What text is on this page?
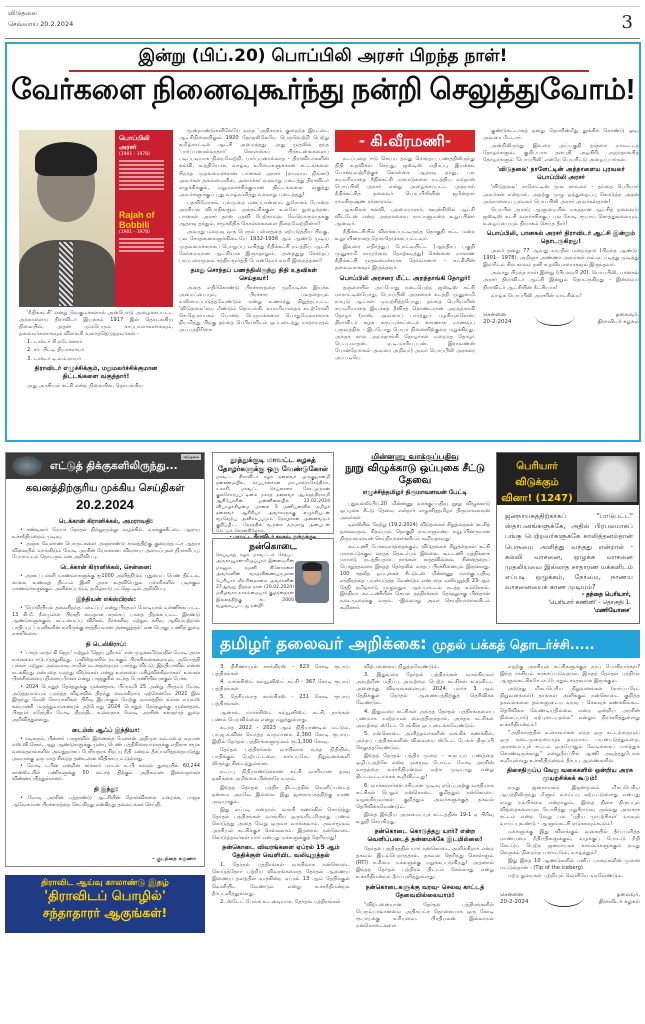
விடுதலை
செவ்வாய் 20.2.2024	3
இன்று (பிப்.20) பொப்பிலி அரசர் பிறந்த நாள்!
வேர்களை நினைவுகூர்ந்து நன்றி செலுத்துவோம்!
பொப்பிலி அரசர்
(1901 - 1978)
Rajah of Bobbili
(1901 - 1978)

'நீதிக்கட்சி' என்று வெகுமக்களால் அன்போடு அழைக்கப்பட்ட அந்நாளைய திராவிடர் இயக்கம் 1917 இல் தொடங்கிய நிலையில், அதன் மும்பெரும் காப்பாளர்களாகவும், தலைவர்களாகவும் விளங்கி வளர்த்தெடுத்தவர்கள் -

1. டாக்டர் சி.நடேசனார்

2. சர். பிட்டி தியாகராயர்

3. டாக்டர் டி.எம்.நாயர்

திராவிடர் எழுச்சிக்கும், மறுமலர்ச்சிக்குமான திட்டங்களை வகுத்தார்!

அது அரசியல் கட்சி என்ற நிலையில், தொடங்கிய

மூன்றாண்டுகளிலேயே வந்த 'அதிகாரம் குறைந்த இரட்டை ஆட்சிநிலையிலும் 1920 தேர்தலிலேயே பெருவெற்றி பெற்று தமிழ்நாட்டில் ஆட்சி அமைத்தது. அது முதலில் தந்த 'பார்ப்பனரல்லாதார்' கொள்கைப் பிரகடனங்களைப் படிப்படியாக நிறைவேற்றி, பார்ப்பனரல்லாத - திராவிடர்களின் கல்வி, உத்தியோக, வாழ்வு உரிமைகளுக்கான சட்டங்களை சிறந்த முதலமைச்சரான பானகல் அரசர் (ராமராய நிங்கர்) அவர்கள் தலைமையில், அமைச்சர் வரலாறு படைத்து திராவிடர் எழுச்சிக்கும், மறுமலர்ச்சிக்குமான திட்டங்களை வகுத்து அவர்களுக்குப் புது வாழ்வளித்து வரலாறு படைத்தது!

பதவிமோகம், பல்முறை மனப்பான்மை, துரோகம் போன்ற அரசியல் விபாதிகளும் அக்கட்சிக்குள் உள்ளே நுழைந்தன. பானகல் அரசர் தான் பதவி பேற்காமல், வேறொருவருக்கு ஆதரவு தந்தும், சமூகநீதிக் கொள்கைகளை நிறைவேற்றினார்!

அவரது மறைவு ஒரு பெரும் பள்ளத்தை ஏற்படுத்திய பிறகு, பல சோதனைகளுக்கிடையே 1932-1936 ஆம் ஆண்டு முடிய முதலமைச்சராகப் பொறுப்பு வகித்து நீதிக்கட்சி நடத்திய ஆட்சி நேர்மையான ஆட்சியாக இருந்தாலும், அதைதுறு சேர்ந்தப் பரப்பரைமூலம் சத்தியமூர்த்தி போன்றோர் வாரி இறைத்தனர்!

தமது சொந்தப் பணத்திலிருந்து நிதி உதவிகள் செய்தவர்!

அதை எதிர்கொண்டு பிரச்சாரத்தை முறியடிக்க இயக்க அமைப்பையும், பிரச்சார பலத்தையும் வலிமைப்படுத்தவேண்டும் என்று உணர்ந்து நிறுத்தப்பட்ட 'விடுதலை'யை மீண்டும் தொடங்கி, சுயமரியாதைக் கடற்ரோளி செ.தெ.நாயகம் போன்ற பெருமக்களை பொதுமேலாளராக நியமித்து பிறகு தந்தை பெரியாரிடம் ஒப்படைத்து மாதாமாதம் அப்பத்திரிகை

- கி.வீரமணி-

நடப்பதை ஈடு செய்ய தமது சொந்தப் பணத்திலிருந்து நிதி உதவிகள் செய்து, ஜஸ்டிஸ் எதிர்ப்பு இயக்கம் போன்றவற்றிற்குக் கொள்கை ஆதரவு தந்து, பல சுயமரியாதை நீதிக்கட்சி மாநாடுகளை நடத்திய வர்தான் பொப்பிலி அரசர் என்று அழைக்கப்பட்ட அந்நாள் நீதிக்கட்சித் தலைவர் பொப்பிலியின் ஜமீன்தார் ராமகிருஷ்ண ரங்காராவ்.

ஆங்கிலக் கல்வி, புலமையாளர், கவுன்சிலில் ஆட்சி விட்டேன் என்ற அந்நாளைய நாடாளுமன்ற உறுப்பினர் ஆனவர்.

நீதிக்கட்சியில் விளக்கப்பட்டிருந்த தொகுதி சட்ட மன்ற உறுப்பினராகத் தேர்ந்தெடுக்கப்பட்டவர்.

இவரை எதிர்த்துப் போட்டியிட்ட (ஆந்திரப் பகுதி முனுசாமி நாயுடுவை தோற்கடித்து) சென்னை மாகாண நீதிக்கட்சி முதலமைச்சராக தேர்வானார் - கட்சியின் தலைவராகவும் இருந்தவர்.

பொப்பிலி அரசரை மீட்ட அறந்தாங்கி தோழர்!

தஞ்சையில் அப்போது நடைபெற்ற ஜஸ்டிஸ் கட்சி மாநாட்டின்போது, பொப்பிலி அரசரைக் கடத்தி முனுசாமி நாயுடு ஆட்கள் முயற்சித்தபோது, தந்தை பெரியாரின் சுயமரியாதை இயக்கத் தீவிரத் தொண்டரான அறந்தாங்கி தோழர் (நான், அவரைப் பார்த்துப் பழகியுள்ளேன்; திராவிடர் கழக கருப்புச்சட்டைக் காரணாக மாணவப் பருவத்தில் - இப்போது பெயர் நினைவிற்குவர மறுக்கிறது. அந்தக் கால அறந்தாங்கி தோழர்கள் மறைந்த தோழர் பெ.ப.மாதன், ஏ.டி.மாரியப்பன், இராவணன் போன்றோர்கள் அவரை அறிவர்) அவர் பொப்பிலி அரசரை அப்படியே

குண்டுகட்டாகத் தனது தோளின்மீது தூக்கிக் கொண்டு ஓடி, அவரை மீட்டார்.

அன்றிலிருந்து இவரை அப்பகுதி தஞ்சை மாவட்டத் தோழர்களும், குறிப்பாக தளபதி அழகிரி, அறந்தாங்கித் தோழர்களும் 'பொப்பிலி' என்றே பெயரிட்டு அழைப்பார்கள்.

'விடுதலை' நாளேட்டின் அந்நாளைய புரவலர் பொப்பிலி அரசர்

'விடுதலை' நாளேட்டின் மூல காவலர் - தந்தை பெரியார் அவர்கள் என்றால், அதற்கு முழு ஒத்துழைப்பு கொடுத்த அதன் அந்நாளைய புரவலர் பொப்பிலி அரசர் அவர்கள்தான்!

பெயரில் அரசர்; ஆளுமையில் மகத்தான ஆட்சித் தலைவர்; ஜஸ்டிஸ் கட்சி வளர்ச்சிக்குப் பல கோடி ரூபாய் சொத்துகளையும், உழைப்பையும் தியாகம் செய்த தீரர்!

பொப்பிலி, பானகல் அரசர் திராவிடர் ஆட்சி இன்றும் தொடருகிறது!

அவர் தனது 77 ஆவது வயதில் மறைந்தார் (பிறந்த ஆண்டு: 1901 - 1978). அறிஞர் அண்ணா அவர்கள் எம்.ஏ. படித்து முடித்து இவரிடம் சில காலம் தனி உதவியாளராகவும் இருந்தவர்.

அவரது பிறந்த நாள் இன்று (பிப்ரவரி 20). பொப்பிலி, பானகல் அரசர் திராவிடர் ஆட்சி இன்றும் தொடருகிறது - இன்றைய திராவிடர் ஆட்சியின் நீட்சியாக!

வாழ்க பொப்பிலி அரசரின் மாட்சிமை!

சென்னை
20-2-2024
தலைவர்,
திராவிடர் கழகம்
எட்டுத் திக்குகளிலிருந்து...
விடுதலை
கவனத்திற்குரிய முக்கிய செய்திகள்
20.2.2024
டெக்கான் கிரானிக்கல், அமராவதி:

• சண்டிகார் மேயர் தேர்தல் தில்லுமுல்லு வழக்கில், வாக்குச்சீட்டை ஆராய உச்சநீதிமன்றம் முடிவு.

• அஞ்சு வேளாண் பொருட்களை அஞ்சாண்டு காலத்திற்கு குறைந்தபட்ச ஆதார விலையில் வாங்கிடும் மோடி அரசின் யோசனை: விவசாய அமைப்புகள் நிராகரிப்பு; போராட்டம் தொடரும் என அறிவிப்பு.

டெக்கான் கிரானிக்கல், சென்னை:

• அரசுப் பள்ளி மாணவர்களுக்கு ரூ1000 அளித்திடும் புதுமைப் பெண் திட்டம், காலை உணவுத் திட்டம் இனி அரசு உதவிபெறும் பள்ளிகளில் படிக்கும் மாணவர்களுக்கும் அளிக்கப்படும், தமிழ்நாடு பட்ஜெட்டில் அறிவிப்பு.

இந்தியன் எக்ஸ்பிரஸ்:

• 'பொறியியல் தலைசிறந்த படைப்பு' என்று பிரதமர் மோடியால் வர்ணிக்கப்பட்ட 13 கி.மீ. நீளமுள்ள பிரகதி மைதான சுரங்கப் பாதை திறக்கப்பட்ட இரண்டு ஆண்டுகளுக்குள், கட்டமைப்பு விரிசல், நீர்க்கசிவு மற்றும் கசிவு ஆகியவற்றால் பாதிப்பு; 'பயனீகளின் உயிருக்கு சாத்தியமான அச்சுறுத்தல்' என பொதுப்பணித் துறை எச்சரிக்கை.

தி டெலிகிராப்:

• 'பாரத் மாதா கி ஜெய்' மற்றும் 'ஜெய் ஸ்ரீராம்' என முழக்கமிடுவதில் மோடி அரசு உங்களை ஈடுபடுத்துகிறது. பாகிஸ்தானில் நடக்கும் பிரச்சினைகளையும், அயோத்தி பக்கள் மற்றும் அவ்வளவு ராமின் நடனத்தையும் பார்த்து விட்டு, இந்தியாவில் என்ன நடக்கிறது என்பதை மறந்து விடுங்கள் என்று உங்களை மகிழ்விக்கிறார்கள்' உங்கள் பிரச்சினையை நினைப்பீர்கள் என்று பாஜகுசில் நடந்த பேரணியில் ராகுல் பேச்சு.

• 2024 பொதுத் தேர்தலுக்கு முன்னதாக, பிப்ரவரி 25 அன்று பிரதமர் மோடி அடுத்தமாம்பம் பறந்த்த விழாவில் திறந்து வைக்கிறார்; ஏற்கெனவே 2021 இல் இருந்து வேலி நோயாளிகள் பிரிவு இயங்கும் மேற்கு வங்கத்தில் உள்ள எய்ம்ஸ் கல்யாணி மருத்துவமனையும் தற்போது 2024 பொதுத் தேர்தலுக்கு முன்னதாக, பிரதமர் நரேந்திர மோடி திறந்திட உள்ளதாக மோடி அரசின் சுகாதாரத் துறை அறிவித்துள்ளது.

டைம்ஸ் ஆஃப் இந்தியா:

• நடிகரும், பின்னர் பாஜகவில் இணைந்த மேனான் அதிமுக எம்.எல்.ஏ வுமான எஸ்.வி.சேகர், ஆறு ஆண்டுகளுக்கு முன்பு பெண் பத்திரிகையாளருக்கு எதிராக சமூக வலைதளங்களில் அவதூறாகப் பேசியதாக சிறப்பு நீதி மன்றம் தீர்ப்பளித்ததையடுத்து அவருக்கு ஒரு மாத சிறைத் தண்டனை விதிக்கப்பட்டுள்ளது.

• மோடி டபின் என்றின் சர்க்கார் மாடல் உ.பி காவல் துறையில் 60,244 கான்ஸ்டபிள் பணிகளுக்கு 50 லட்சத் திற்கும் அதிகமான இளைஞர்கள் விண்ணப்பித்துள்ளனர்.

தி இந்து:

• மோடி அரசின் பத்தாண்டு ஆட்சியின் தோல்விகளை மறைக்க, பாஜக ஆவேசமான பிரச்சாரத்தை செய்கிறது என்கிறது தலையங்கச் செய்தி.

- குடந்தை கருணா
திராவிட ஆய்வு காலாண்டு இதழ்
'திராவிடப் பொழில்'
சந்தாதாரர் ஆகுங்கள்!
தூத்துக்குடி மாவட்ட கழகத் தோழர்களுக்கு ஒரு வேண்டுகோள்
மாவட்ட திராவிடர் கழக தலைவர் முருகுஜானமி தலைமையில், காப்பாளர்கள் மா.பால்ராசேந்திரம், ச.காசி, மாவட்ட செயலாளர் கோ.முருகன் குலசேகரப்பட்டினம் நகரத் தலைவர் ஆ.சுதந்திரசாமி ஆகியோரின் முன்னிலையில் 22.02.2024 வியாழக்கிழமை மாலை 5 மணியளவில் தமிழர் தலைவர் ஆசிரியர் அவர்களுக்கு எழுச்சியுடன் வரவேற்பு அளிக்கப்படும். தோழர்கள் அனைவரும் குறிப்பிட்ட நேரத்தில் வருகை தருமாறு அன்புடன் கேட்டுக் கொள்கிறோம்.
- மாவட்ட திராவிடர் கழகம், தூத்துக்குடி
நன்கொடை
செய்யாறு கழக மாவட்டம் சேத்பட் அருகாவூரன்-வீழுப்புரம் இளைஞரின் மகனும் தமனி கிலோகலை அவர்களின் வாழ்விணையருமான பெரியார் வீர.சிதைசனம் அவர்களின் 27ஆவது பிறந்த நாள் (20.02.2024) மகிழ்வாக நாகம்மையார் குழந்தைகள் இல்லத்திற்கு ரூ. 2000 வழங்கப்பட்டது நன்றி!
மின்னணு வாக்குப்பதிவு
நூறு விழுக்காடு ஒப்புகை சீட்டு தேவை
எழுச்சித்தமிழர் திருமாவளவன் பேட்டி

புதுவல்லி,பிப்.20 மின்னணு வாக்குப்பதிவு நூறு விழுக்காடு ஒப்புகை சீட்டு தேவை என்றார் எழுச்சித்தமிழர் திருமாவளவன் அவர்கள்.

டில்லியில் நேற்று (19.2.2024) விடுதலைச் சிறுத்தைகள் கட்சித் தலைவரும், சிதம்பரம் தொகுதி நாடாளுமன்ற உறுப்பினருமான திருமாவளவன் செய்தியாளர்களிடம் கூறியதாவது:

கூட்டணி பேச்சுவார்த்தைக்கும், விடுதலைச் சிறுத்தைகள் கட்சி மாநாட்டுக்கும் எந்தத் தொடர்பும் இல்லை. கூட்டணி யுத்திக்காக மாநாடு நடத்தியதாக நாங்கள் கருதவில்லை. சின்னத்தைப் பொறுத்தவரை இந்தத் தேர்தலில் எந்தப் பிரச்சினையும் இருக்காது. 100 சதவீத ஒப்புகைச் சீட்டுடன் மின்னணு வாக்குப்பதிவு எந்திரத்தை பயன்படுத்த வேண்டும் என்பதை வலியுறுத்தி 23-ஆம் தேதி தமிழ்நாடு முழுவதும் ஆர்ப்பாட்டம் நடத்த உள்ளோம். இந்தியா கூட்டணியின் செயல் தந்திரங்கள் தேர்தலுக்கு பின்தான் நடைமுறைக்கு வரும். -இவ்வாறு அவர் செய்தியாளர்களிடம் கூறினார்.

பெரியார் விடுக்கும் வினா! (1247)
ஜனநாயகத்திற்காகப் "பாடுபட்ட" ஸ்தாபனங்களுக்கே, அதில் பிரபலமாகப் பங்கு பெற்றவர்களுக்கே காலித்தனம்தான் பெருமை அளித்து வந்தது என்றால் - கல்வி வாசனை, ஒழுக்க வாசனை முதலியவை இல்லாத சாதாரண மக்களிடம் எப்படி ஒழுக்கம், நேர்மை, நாணய வாசனையைக் காண முடியும்?
- தந்தை பெரியார்,
'பெரியார் கணினி' - தொகுதி 1,
'மணியோசை'
தமிழர் தலைவர் அறிக்கை: முதல் பக்கத் தொடர்ச்சி.....

3. திரிணாமுல் காங்கிரஸ் - 823 கோடி ரூபாய் பத்திரங்கள்

4. மார்க்சிஸ்ட் கம்யூனிஸ்ட் கட்சி - 367 கோடி ரூபாய் பத்திரங்கள்

5. தேசியவாத காங்கிரஸ் - 231 கோடி ரூபாய் பத்திரங்கள்.

ஆனால், மார்க்சிஸ்ட் கம்யூனிஸ்ட் கட்சி, தாங்கள் பணம் பெறவில்லை என்று மறுத்துள்ளது.

கடந்த 2022 - 2023 ஆம் நிதியாண்டில் மட்டும், பா.ஜ.க.வின் மொத்த வருமானம் 2,360 கோடி ரூபாய். இதில் தேர்தல் பத்திரங்களுமூலம் ரூ.1,300 கோடி.

தேர்தல் பத்திரங்கள் வாயிலாக வந்த நிதியில், பாதிக்கும் மேற்பட்டவை கார்ப்பரேட் நிறுவனங்களி லிருந்து கிடைத்துள்ளன.

நடப்பு நிதியாண்டுக்கான கட்சி வாரியான தரவு தனிக்கை அறிக்கை பின்னரே வரும்.

இந்தத் தேர்தல் பத்திர திட்டத்தில் வெளிப்படைத் தன்மை அறவே இல்லை. இது ஜனநாயகத்திற்கு மரண அடியாகும்.

இது எப்படி என்றால், வங்கி கணக்கில் கொடுத்து தேர்தல் பத்திரங்கள் வாங்கிய ஒருவரிடமிருந்து பணம் கொடுத்து அதை வேறு ஒருவர் வாங்கலாம். அவர்மூலம் அரசியல் கட்சிக்குச் செல்லலாம். இதனால் நன்கொடை கொடுத்தவர்கள் யார் என்பது மக்களுக்குத் தெரியாது!

நன்கொடை விவரங்களை ஏப்ரல் 15 ஆம் தேதிக்குள் வெளியிட வலியுறுத்தல்

1. தேர்தல் பத்திரங்கள் வாயிலாக நன்கொடை கொடுத்தோர் பற்றிய விவரங்களைத் தேர்தல் ஆணைய இணைய தளத்தில் வருகின்ற ஏப்ரல் 13 ஆம் தேதிக்குள் வெளியிட வேண்டும் என்று உச்சநீதிமன்றம் தீர்ப்பளித்துள்ளது.

2. ஸ்டேட் பேங்க் உடனடியாக, தேர்தல் பத்திரங்கள்

விற்பனையை நிறுத்தவேண்டும்.

3. இதுவரை தேர்தல் பத்திரங்கள் வாங்கியவர் அவற்றின் மதிப்பு அவற்றை பெற்ற கட்சிகள் உள்ளிட்ட அனைத்து விவரங்களையும் 2024, மார்ச் 3 ஆம் தேதிக்குள் தேர்தல் ஆணையத்திற்குத் தெரிவிக்க வேண்டும்.

4. இதுவரை கட்சிகள் அந்தத் தேர்தல் பத்திரங்களைப் பணமாக மாற்றாமல் வைத்திருந்தால், அந்தக் கட்சிகள் அவற்றை ஸ்டேட் பேங்கில் ஒப்படைக்கவேண்டும்.

5. நன்கொடை அளித்தவர்களின் வங்கிக் கணக்கில், அந்தப் பத்திரங்களின் விலையை ஸ்டேட் பேங்க் திருப்பி செலுத்தவேண்டும்.

இந்தத் தேர்தல் பத்திர முறை - கருப்புப் பணத்தை ஒழிப்பதற்கே என்ற முகமூடி போட்ட மோடி அரசின் வாதத்தை உச்சநீதிமன்றம் ஏற்க முடியாது என்று திட்டவட்டமாகக் கூறிவிட்டது!

6. வாக்காளர்கள் சரியான முடிவு எடுப்பதற்கு வசதியாக கட்சிகள் பெறும் நன்கொடை குறித்தும் நன்கொடை வழங்கியவர்கள் குறித்தும் அவர்களுக்குத் தகவல் தெரிவிக்கவேண்டும்.

இதை இந்திய அரசமைப்புச் சட்டத்தின் 19-1 ஏ பிரிவு உறுதி செய்கிறது.

நன்கொடை கொடுத்தது யார்? என்ற வெளிப்படைத் தன்மைக்கே இடமில்லை!

தேர்தல் பத்திரத்தில் யார் நன்கொடை அளிக்கிறார் என்ற தகவல் இடம்பெறாததால், தகவல் தெரிந்து கொள்ளும் (RTI) உரிமை மக்களுக்கு மறுக்கப்படுகிறது! அதனால் இந்தத் தேர்தல் பத்திரம் திட்டம் செல்லாது என்று உச்சநீதிமன்றம் தீர்ப்பளித்துள்ளது.

நன்கொடைகளுக்கு வரவு- செலவு காட்டத் தேவையில்லையாம்!

"விற்பனையான தேர்தல் பத்திரங்களில் பெரும்பாலானவை அதிகபட்ச தொகையாக ஒரு கோடி ரூபாய்க்கு உரியவை. பிரதிபலன் இல்லாமல் நன்கொடைகளை

எதற்கு அரசியல் கட்சிகளுக்குத் தரப் போகிறார்கள்? இந்த ரகசியம் காக்கப்படுவதால், இந்தத் தேர்தல் பத்திரம் ஆளுங்கட்சிக்கே எப்போதும் சாதகமாக இருக்கும்.

அடுத்து மிகப்பெரிய நிறுவனங்கள் (கார்ப்பரேட் நிறுவனங்கள்) தாங்கள் அளிக்கும் நன்கொடை குறித்த தகவல்களை தங்களுடைய வரவு - செலவுக் கணக்கில்கூட தெரிவிக்க வேண்டியதில்லை என்ற ஒன்றிய அரசின் நிலைப்பாடு ஏற்புடையதல்ல" என்றும் நிராகரித்துள்ளது உச்சநீதிமன்றம்!

"அதிகாரத்தில் உள்ளவர்கள் எந்த ஒரு சட்டத்தையும், ஒரு நடைமுறையையும் தவறாகப் பயன்படுத்துவதை, அரசமைப்புச் சட்டம் ஒருபோதும் வேடிக்கைப் பார்த்துக் கொண்டிருக்காது" என்றுதீர்ப்பில் ஆணி அடித்ததுபோல் கூறியுள்ளது உச்சநீதிமன்றம் தீர்ப்பு ஆணைகளில்.

திசைதிருப்ப வேறு வகைகளில் ஒன்றிய அரசு முயற்சிக்கக் கூடும்!

நமது ஜனநாயகம் இதன்மூலம் மிகப்பெரிய ஆபத்திலிருந்து மீளும் வாய்ப்பு ஏற்பட்டுள்ளது என்பது நமது நம்பிக்கை என்றாலும், இதை திசை திருப்பும் வித்தைகளையும் யோசித்து மறுசீராய்வு அல்லது அவசரச் சட்டம் என்ற வேறு பல 'புதிய முயற்சிகள்' வரவும் வாய்ப்புஉண்டு - ஆளுங்கட்சி ஏடுக்கவும்கூடும்!

மக்களுக்கு இது விளங்கும் வகையில் தீர்ப்பளித்த மாண்பமை நீதிபதிகளுக்கும், வழக்குப் போட்டு நீதி கேட்டுப் பெற்ற ஜனநாயகக் காவலர்களுக்கும் நமது நெஞ்சம் நிறைந்த பாராட்டும், வாழ்த்தும்!

இது இந்த 10 ஆண்டுகளில் பனிப் பாறைகளின் முனை மட்டும்தான் - (Tip of the iceberg).

மற்ற துறைகள் பற்றியும் வெளியே வரவேண்டும்.

சென்னை
20-2-2024
தலைவர்,
திராவிடர் கழகம்
